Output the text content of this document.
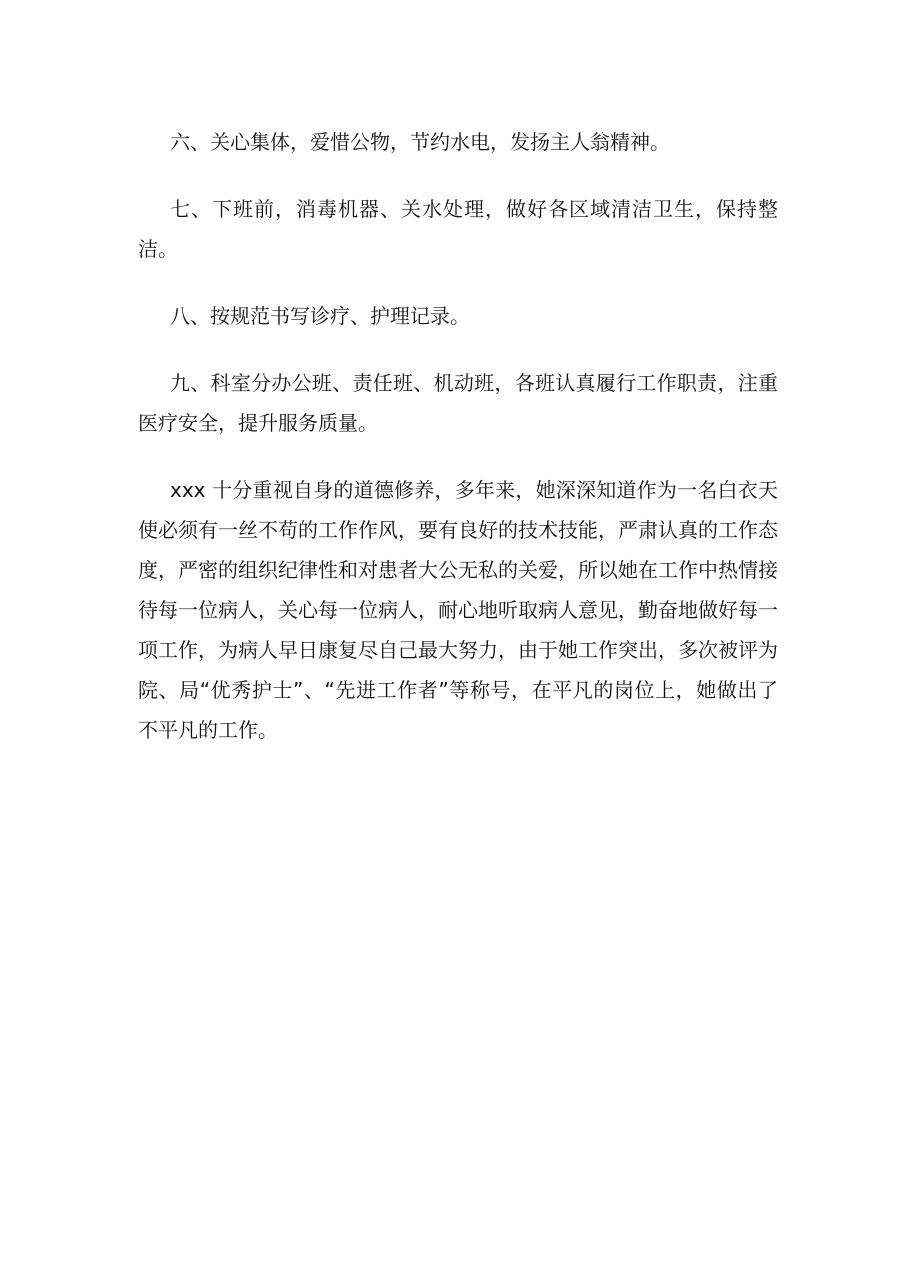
六、关心集体，爱惜公物，节约水电，发扬主人翁精神。

七、下班前，消毒机器、关水处理，做好各区域清洁卫生，保持整洁。

八、按规范书写诊疗、护理记录。

九、科室分办公班、责任班、机动班，各班认真履行工作职责，注重医疗安全，提升服务质量。

xxx 十分重视自身的道德修养，多年来，她深深知道作为一名白衣天使必须有一丝不苟的工作作风，要有良好的技术技能，严肃认真的工作态度，严密的组织纪律性和对患者大公无私的关爱，所以她在工作中热情接待每一位病人，关心每一位病人，耐心地听取病人意见，勤奋地做好每一项工作，为病人早日康复尽自己最大努力，由于她工作突出，多次被评为院、局“优秀护士”、“先进工作者”等称号，在平凡的岗位上，她做出了不平凡的工作。
